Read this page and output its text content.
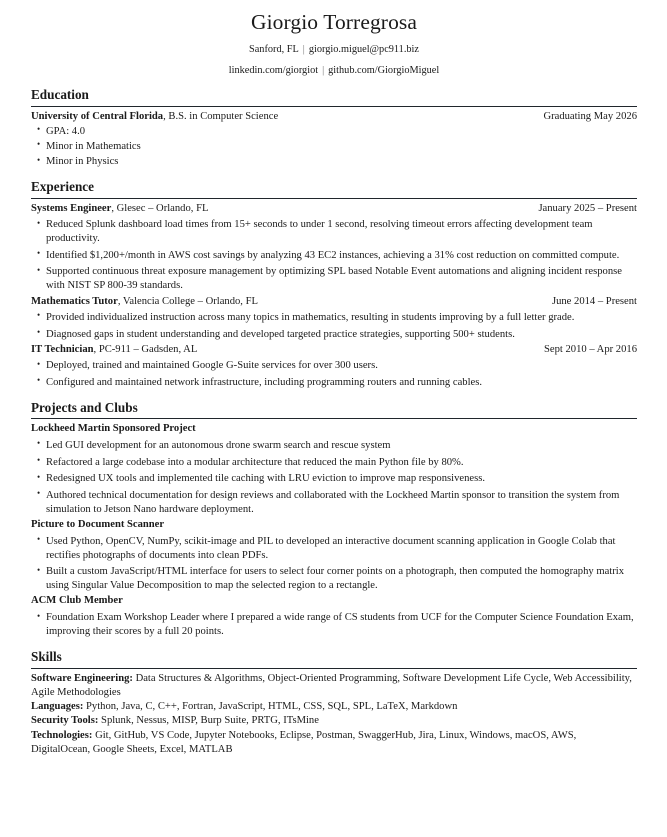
Giorgio Torregrosa
Sanford, FL | giorgio.miguel@pc911.biz
linkedin.com/giorgiot | github.com/GiorgioMiguel
Education
University of Central Florida, B.S. in Computer Science	Graduating May 2026
• GPA: 4.0
• Minor in Mathematics
• Minor in Physics
Experience
Systems Engineer, Glesec – Orlando, FL	January 2025 – Present
• Reduced Splunk dashboard load times from 15+ seconds to under 1 second, resolving timeout errors affecting development team productivity.
• Identified $1,200+/month in AWS cost savings by analyzing 43 EC2 instances, achieving a 31% cost reduction on committed compute.
• Supported continuous threat exposure management by optimizing SPL based Notable Event automations and aligning incident response with NIST SP 800-39 standards.
Mathematics Tutor, Valencia College – Orlando, FL	June 2014 – Present
• Provided individualized instruction across many topics in mathematics, resulting in students improving by a full letter grade.
• Diagnosed gaps in student understanding and developed targeted practice strategies, supporting 500+ students.
IT Technician, PC-911 – Gadsden, AL	Sept 2010 – Apr 2016
• Deployed, trained and maintained Google G-Suite services for over 300 users.
• Configured and maintained network infrastructure, including programming routers and running cables.
Projects and Clubs
Lockheed Martin Sponsored Project
• Led GUI development for an autonomous drone swarm search and rescue system
• Refactored a large codebase into a modular architecture that reduced the main Python file by 80%.
• Redesigned UX tools and implemented tile caching with LRU eviction to improve map responsiveness.
• Authored technical documentation for design reviews and collaborated with the Lockheed Martin sponsor to transition the system from simulation to Jetson Nano hardware deployment.
Picture to Document Scanner
• Used Python, OpenCV, NumPy, scikit-image and PIL to developed an interactive document scanning application in Google Colab that rectifies photographs of documents into clean PDFs.
• Built a custom JavaScript/HTML interface for users to select four corner points on a photograph, then computed the homography matrix using Singular Value Decomposition to map the selected region to a rectangle.
ACM Club Member
• Foundation Exam Workshop Leader where I prepared a wide range of CS students from UCF for the Computer Science Foundation Exam, improving their scores by a full 20 points.
Skills
Software Engineering: Data Structures & Algorithms, Object-Oriented Programming, Software Development Life Cycle, Web Accessibility, Agile Methodologies
Languages: Python, Java, C, C++, Fortran, JavaScript, HTML, CSS, SQL, SPL, LaTeX, Markdown
Security Tools: Splunk, Nessus, MISP, Burp Suite, PRTG, ITsMine
Technologies: Git, GitHub, VS Code, Jupyter Notebooks, Eclipse, Postman, SwaggerHub, Jira, Linux, Windows, macOS, AWS, DigitalOcean, Google Sheets, Excel, MATLAB
